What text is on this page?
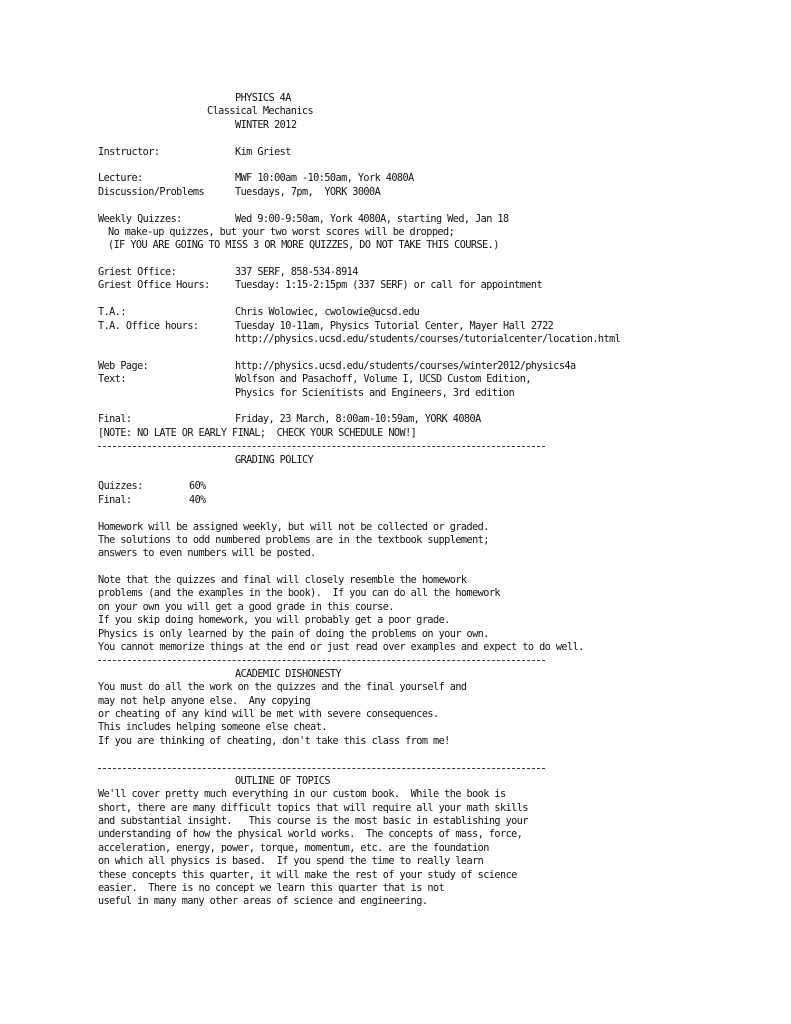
PHYSICS 4A
Classical Mechanics
WINTER 2012

Instructor:

	Kim Griest

Lecture:

	MWF 10:00am -10:50am, York 4080A

Discussion/Problems

	Tuesdays, 7pm,  YORK 3000A

Weekly Quizzes:

	Wed 9:00-9:50am, York 4080A, starting Wed, Jan 18

No make-up quizzes, but your two worst scores will be dropped;
(IF YOU ARE GOING TO MISS 3 OR MORE QUIZZES, DO NOT TAKE THIS COURSE.)

Griest Office:

	337 SERF, 858-534-8914

Griest Office Hours:

Tuesday: 1:15-2:15pm (337 SERF) or call for appointment

T.A.:

	Chris Wolowiec, cwolowie@ucsd.edu

T.A. Office hours:

	Tuesday 10-11am, Physics Tutorial Center, Mayer Hall 2722

http://physics.ucsd.edu/students/courses/tutorialcenter/location.html

Web Page:

	http://physics.ucsd.edu/students/courses/winter2012/physics4a

Text:

	Wolfson and Pasachoff, Volume I, UCSD Custom Edition,

Physics for Scienitists and Engineers, 3rd edition

Final:

	Friday, 23 March, 8:00am-10:59am, YORK 4080A

[NOTE: NO LATE OR EARLY FINAL;  CHECK YOUR SCHEDULE NOW!]
GRADING POLICY

Quizzes:

	60%

Final:

	40%

Homework will be assigned weekly, but will not be collected or graded.
The solutions to odd numbered problems are in the textbook supplement;
answers to even numbers will be posted.
Note that the quizzes and final will closely resemble the homework
problems (and the examples in the book).  If you can do all the homework
on your own you will get a good grade in this course.
If you skip doing homework, you will probably get a poor grade.
Physics is only learned by the pain of doing the problems on your own.
You cannot memorize things at the end or just read over examples and expect to do well.
ACADEMIC DISHONESTY
You must do all the work on the quizzes and the final yourself and
may not help anyone else.  Any copying
or cheating of any kind will be met with severe consequences.
This includes helping someone else cheat.
If you are thinking of cheating, don't take this class from me!
OUTLINE OF TOPICS
We'll cover pretty much everything in our custom book.  While the book is
short, there are many difficult topics that will require all your math skills
and substantial insight.   This course is the most basic in establishing your
understanding of how the physical world works.  The concepts of mass, force,
acceleration, energy, power, torque, momentum, etc. are the foundation
on which all physics is based.  If you spend the time to really learn
these concepts this quarter, it will make the rest of your study of science
easier.  There is no concept we learn this quarter that is not
useful in many many other areas of science and engineering.
